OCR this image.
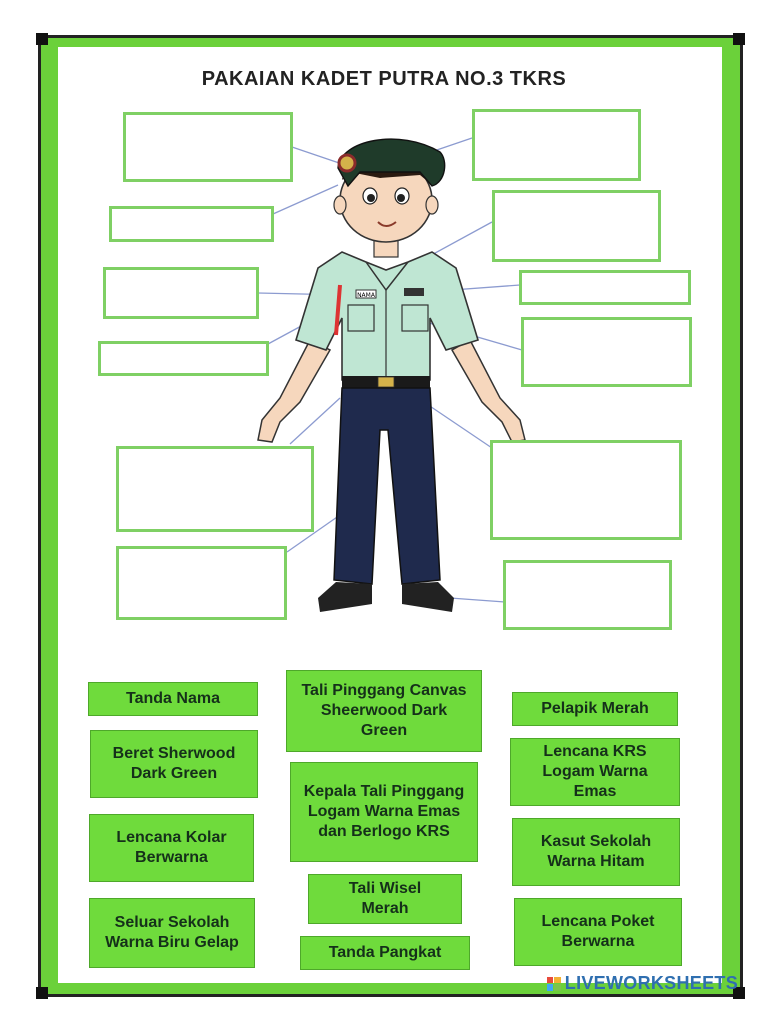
PAKAIAN KADET PUTRA NO.3 TKRS
NAMA
Tanda Nama
Beret Sherwood Dark Green
Lencana Kolar Berwarna
Seluar Sekolah Warna Biru Gelap
Tali Pinggang Canvas Sheerwood Dark Green
Kepala Tali Pinggang Logam Warna Emas dan Berlogo KRS
Tali Wisel Merah
Tanda Pangkat
Pelapik Merah
Lencana KRS Logam Warna Emas
Kasut Sekolah Warna Hitam
Lencana Poket Berwarna
LIVEWORKSHEETS
